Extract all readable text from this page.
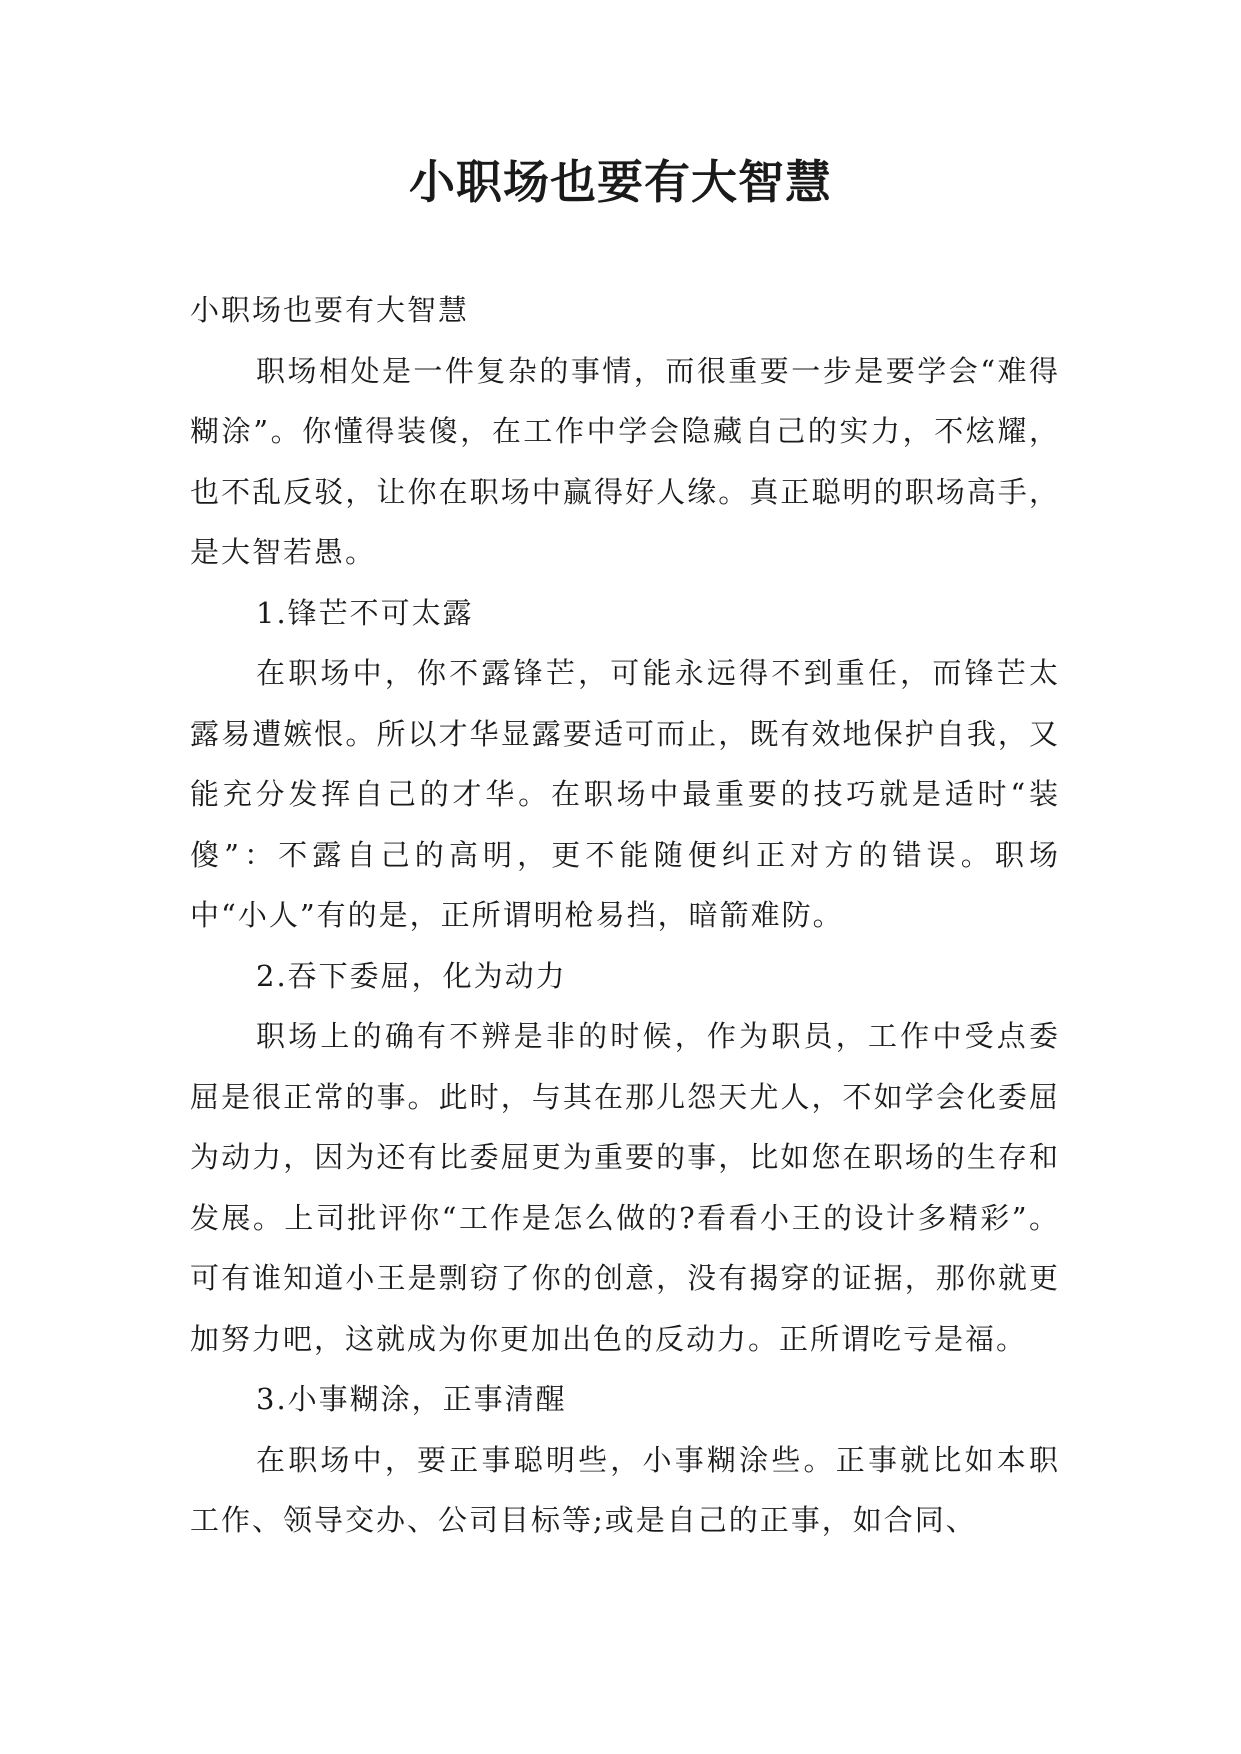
小职场也要有大智慧

小职场也要有大智慧

职场相处是一件复杂的事情，而很重要一步是要学会“难得糊涂”。你懂得装傻，在工作中学会隐藏自己的实力，不炫耀，也不乱反驳，让你在职场中赢得好人缘。真正聪明的职场高手，是大智若愚。

1.锋芒不可太露

在职场中，你不露锋芒，可能永远得不到重任，而锋芒太露易遭嫉恨。所以才华显露要适可而止，既有效地保护自我，又能充分发挥自己的才华。在职场中最重要的技巧就是适时“装傻”：不露自己的高明，更不能随便纠正对方的错误。职场中“小人”有的是，正所谓明枪易挡，暗箭难防。

2.吞下委屈，化为动力

职场上的确有不辨是非的时候，作为职员，工作中受点委屈是很正常的事。此时，与其在那儿怨天尤人，不如学会化委屈为动力，因为还有比委屈更为重要的事，比如您在职场的生存和发展。上司批评你“工作是怎么做的?看看小王的设计多精彩”。可有谁知道小王是剽窃了你的创意，没有揭穿的证据，那你就更加努力吧，这就成为你更加出色的反动力。正所谓吃亏是福。

3.小事糊涂，正事清醒

在职场中，要正事聪明些，小事糊涂些。正事就比如本职工作、领导交办、公司目标等;或是自己的正事，如合同、
